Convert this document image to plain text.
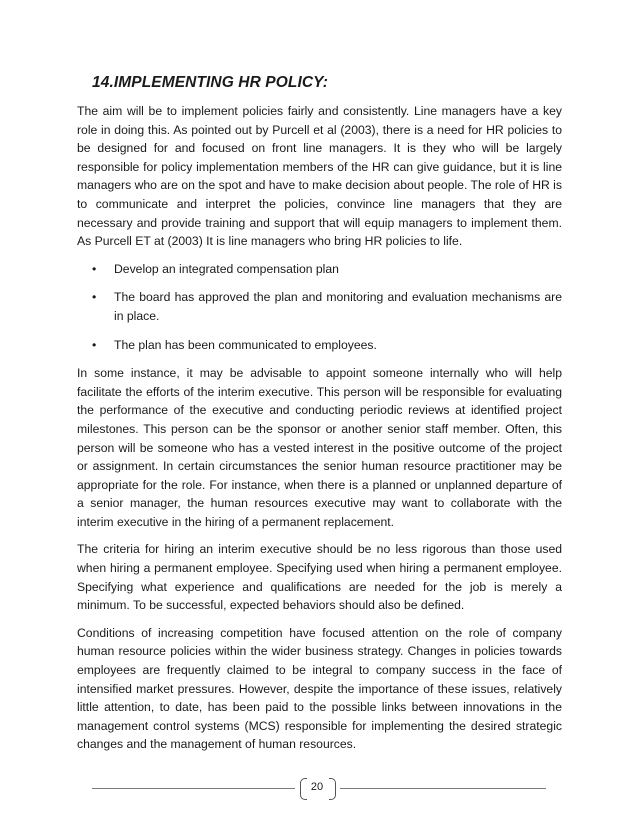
14.IMPLEMENTING HR POLICY:

The aim will be to implement policies fairly and consistently. Line managers have a key role in doing this. As pointed out by Purcell et al (2003), there is a need for HR policies to be designed for and focused on front line managers. It is they who will be largely responsible for policy implementation members of the HR can give guidance, but it is line managers who are on the spot and have to make decision about people. The role of HR is to communicate and interpret the policies, convince line managers that they are necessary and provide training and support that will equip managers to implement them. As Purcell ET at (2003) It is line managers who bring HR policies to life.

• Develop an integrated compensation plan
• The board has approved the plan and monitoring and evaluation mechanisms are in place.
• The plan has been communicated to employees.

In some instance, it may be advisable to appoint someone internally who will help facilitate the efforts of the interim executive. This person will be responsible for evaluating the performance of the executive and conducting periodic reviews at identified project milestones. This person can be the sponsor or another senior staff member. Often, this person will be someone who has a vested interest in the positive outcome of the project or assignment. In certain circumstances the senior human resource practitioner may be appropriate for the role. For instance, when there is a planned or unplanned departure of a senior manager, the human resources executive may want to collaborate with the interim executive in the hiring of a permanent replacement.

The criteria for hiring an interim executive should be no less rigorous than those used when hiring a permanent employee. Specifying used when hiring a permanent employee. Specifying what experience and qualifications are needed for the job is merely a minimum. To be successful, expected behaviors should also be defined.

Conditions of increasing competition have focused attention on the role of company human resource policies within the wider business strategy. Changes in policies towards employees are frequently claimed to be integral to company success in the face of intensified market pressures. However, despite the importance of these issues, relatively little attention, to date, has been paid to the possible links between innovations in the management control systems (MCS) responsible for implementing the desired strategic changes and the management of human resources.

20
